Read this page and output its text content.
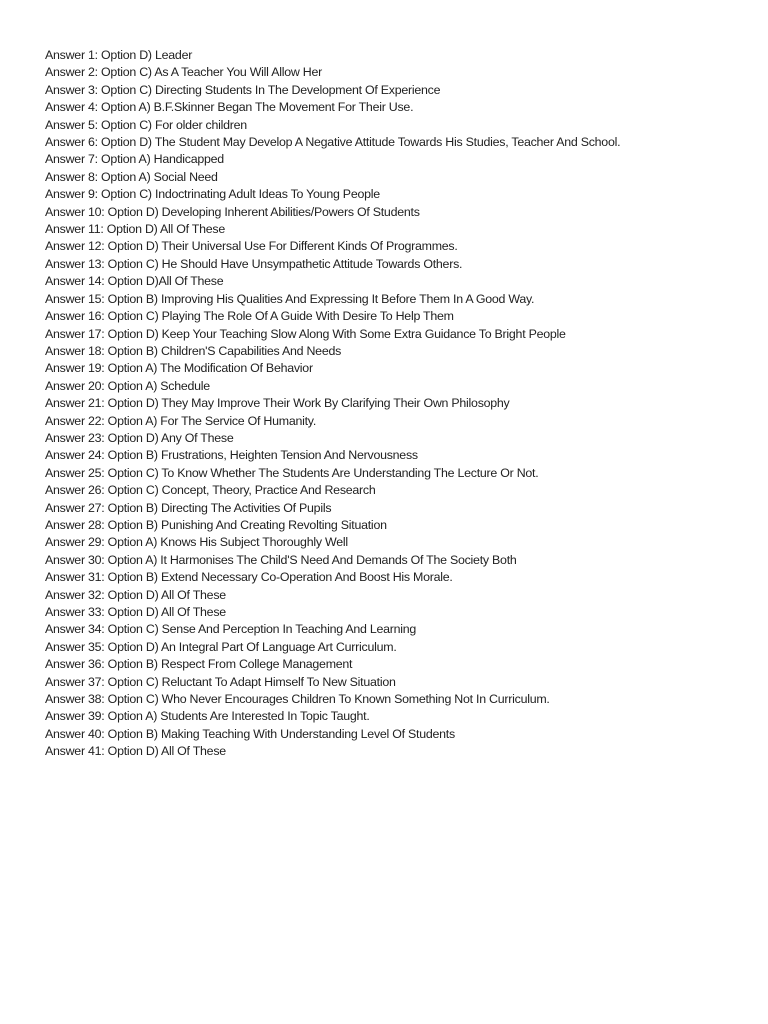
Answer 1: Option D) Leader
Answer 2: Option C) As A Teacher You Will Allow Her
Answer 3: Option C) Directing Students In The Development Of Experience
Answer 4: Option A) B.F.Skinner Began The Movement For Their Use.
Answer 5: Option C) For older children
Answer 6: Option D) The Student May Develop A Negative Attitude Towards His Studies, Teacher And School.
Answer 7: Option A) Handicapped
Answer 8: Option A) Social Need
Answer 9: Option C) Indoctrinating Adult Ideas To Young People
Answer 10: Option D) Developing Inherent Abilities/Powers Of Students
Answer 11: Option D) All Of These
Answer 12: Option D) Their Universal Use For Different Kinds Of Programmes.
Answer 13: Option C) He Should Have Unsympathetic Attitude Towards Others.
Answer 14: Option D)All Of These
Answer 15: Option B) Improving His Qualities And Expressing It Before Them In A Good Way.
Answer 16: Option C) Playing The Role Of A Guide With Desire To Help Them
Answer 17: Option D) Keep Your Teaching Slow Along With Some Extra Guidance To Bright People
Answer 18: Option B) Children'S Capabilities And Needs
Answer 19: Option A) The Modification Of Behavior
Answer 20: Option A) Schedule
Answer 21: Option D) They May Improve Their Work By Clarifying Their Own Philosophy
Answer 22: Option A) For The Service Of Humanity.
Answer 23: Option D) Any Of These
Answer 24: Option B) Frustrations, Heighten Tension And Nervousness
Answer 25: Option C) To Know Whether The Students Are Understanding The Lecture Or Not.
Answer 26: Option C) Concept, Theory, Practice And Research
Answer 27: Option B) Directing The Activities Of Pupils
Answer 28: Option B) Punishing And Creating Revolting Situation
Answer 29: Option A) Knows His Subject Thoroughly Well
Answer 30: Option A) It Harmonises The Child'S Need And Demands Of The Society Both
Answer 31: Option B) Extend Necessary Co-Operation And Boost His Morale.
Answer 32: Option D) All Of These
Answer 33: Option D) All Of These
Answer 34: Option C) Sense And Perception In Teaching And Learning
Answer 35: Option D) An Integral Part Of Language Art Curriculum.
Answer 36: Option B) Respect From College Management
Answer 37: Option C) Reluctant To Adapt Himself To New Situation
Answer 38: Option C) Who Never Encourages Children To Known Something Not In Curriculum.
Answer 39: Option A) Students Are Interested In Topic Taught.
Answer 40: Option B) Making Teaching With Understanding Level Of Students
Answer 41: Option D) All Of These
